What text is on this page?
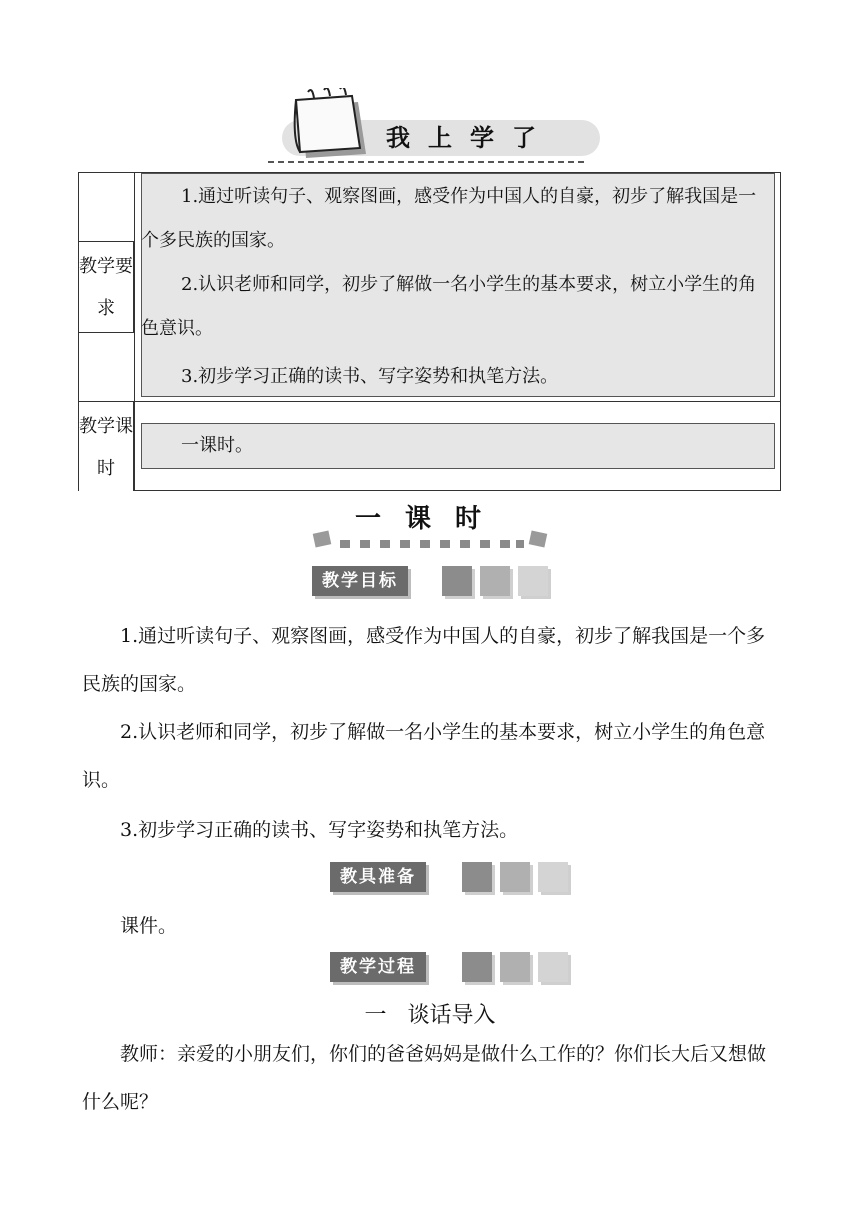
我上学了
教学要求
1.通过听读句子、观察图画，感受作为中国人的自豪，初步了解我国是一个多民族的国家。
2.认识老师和同学，初步了解做一名小学生的基本要求，树立小学生的角色意识。
3.初步学习正确的读书、写字姿势和执笔方法。
教学课时
一课时。
一课时
教学目标
1.通过听读句子、观察图画，感受作为中国人的自豪，初步了解我国是一个多民族的国家。
2.认识老师和同学，初步了解做一名小学生的基本要求，树立小学生的角色意识。
3.初步学习正确的读书、写字姿势和执笔方法。
教具准备
课件。
教学过程
一   谈话导入
教师：亲爱的小朋友们，你们的爸爸妈妈是做什么工作的？你们长大后又想做什么呢？
